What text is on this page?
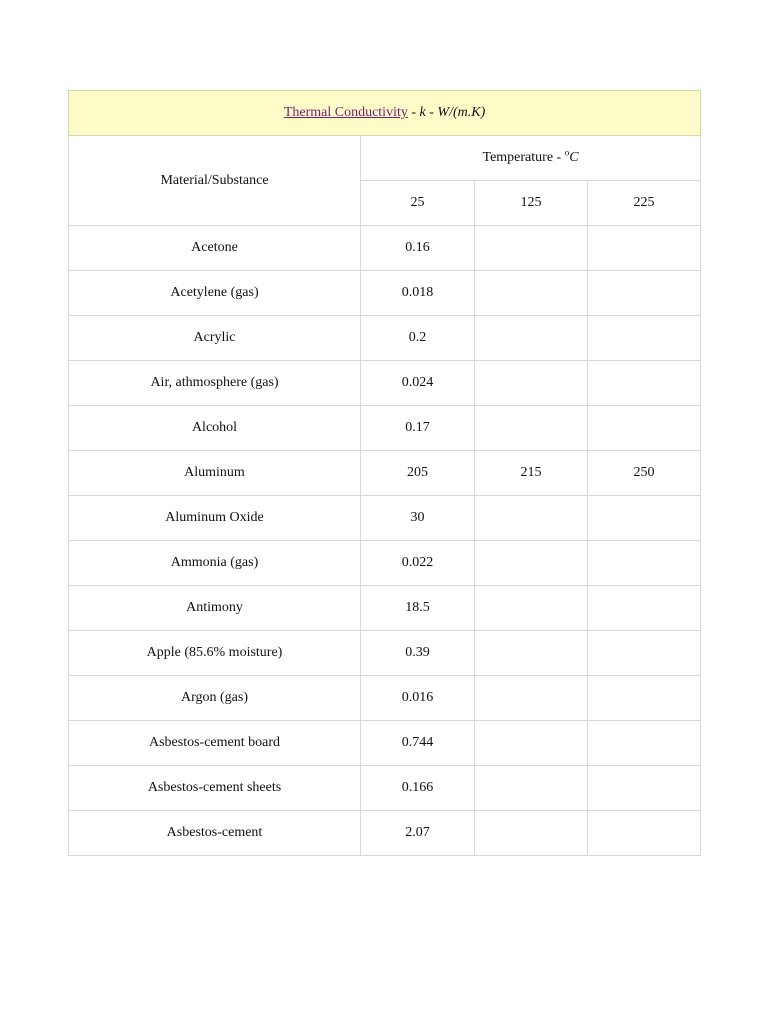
Thermal Conductivity - k - W/(m.K)			
Material/Substance	Temperature - $^o$C		
	25	125	225
Acetone	0.16		
Acetylene (gas)	0.018		
Acrylic	0.2		
Air, athmosphere (gas)	0.024		
Alcohol	0.17		
Aluminum	205	215	250
Aluminum Oxide	30		
Ammonia (gas)	0.022		
Antimony	18.5		
Apple (85.6% moisture)	0.39		
Argon (gas)	0.016		
Asbestos-cement board	0.744		
Asbestos-cement sheets	0.166		
Asbestos-cement	2.07		
